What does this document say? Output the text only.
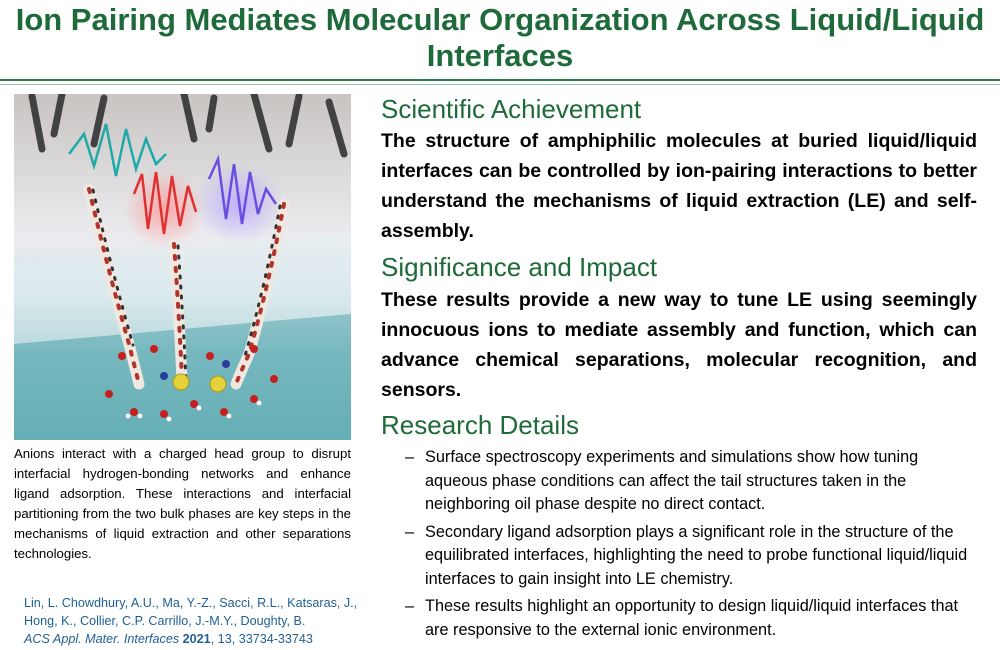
Ion Pairing Mediates Molecular Organization Across Liquid/Liquid Interfaces
Anions interact with a charged head group to disrupt interfacial hydrogen-bonding networks and enhance ligand adsorption. These interactions and interfacial partitioning from the two bulk phases are key steps in the mechanisms of liquid extraction and other separations technologies.
Lin, L. Chowdhury, A.U., Ma, Y.-Z., Sacci, R.L., Katsaras, J., Hong, K., Collier, C.P. Carrillo, J.-M.Y., Doughty, B.
ACS Appl. Mater. Interfaces 2021, 13, 33734-33743
Scientific Achievement
The structure of amphiphilic molecules at buried liquid/liquid interfaces can be controlled by ion-pairing interactions to better understand the mechanisms of liquid extraction (LE) and self-assembly.
Significance and Impact
These results provide a new way to tune LE using seemingly innocuous ions to mediate assembly and function, which can advance chemical separations, molecular recognition, and sensors.
Research Details
– Surface spectroscopy experiments and simulations show how tuning aqueous phase conditions can affect the tail structures taken in the neighboring oil phase despite no direct contact.
– Secondary ligand adsorption plays a significant role in the structure of the equilibrated interfaces, highlighting the need to probe functional liquid/liquid interfaces to gain insight into LE chemistry.
– These results highlight an opportunity to design liquid/liquid interfaces that are responsive to the external ionic environment.
